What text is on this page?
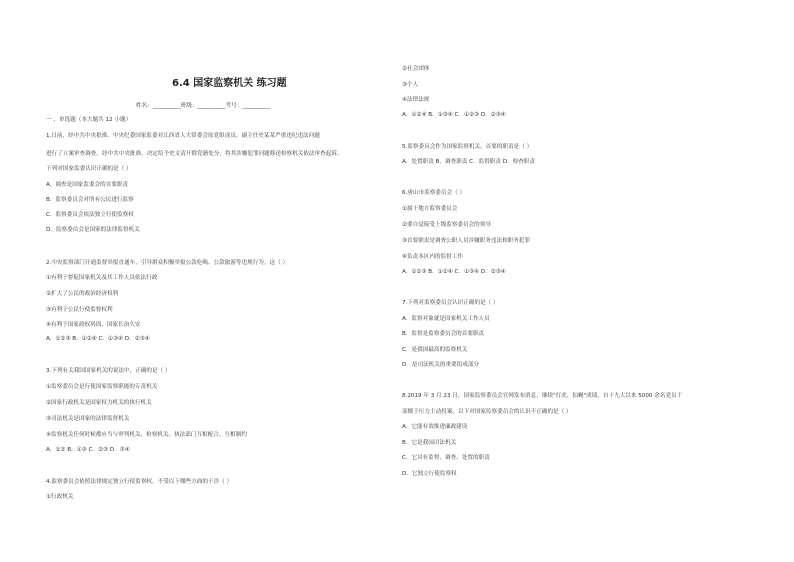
6.4 国家监察机关 练习题
姓名：__________班级：__________考号：__________
一 、单选题（本大题共 12 小题）
1.日前，经中共中央批准，中央纪委国家监委对江西省人大常委会原党组成员、副主任史某某严重违纪违法问题
进行了立案审查调查。经中共中央批准，决定给予史文清开除党籍处分，将其涉嫌犯罪问题移送检察机关依法审查起诉。
下列对国家监委认识正确的是（ ）
A．调查是国家监委会的首要职责
B．监察委员会对所有公民进行监察
C．监察委员会依法独立行使监察权
D．监察委员会是国家的法律监督机关
2.中央监察部门开通监督举报直通车，引导群众积极举报公款吃喝、公款旅游等违规行为。这（ ）
①有利于督促国家机关及其工作人员依法行政
②扩大了公民的政治经济权利
③有利于公民行使监督权利
④有利于国家政权巩固，国家长治久安
A．①②③ B．①②④ C．①③④ D．②③④
3.下列有关我国国家机关的说法中，正确的是（ ）
①监察委员会是行使国家监察职能的专责机关
②国家行政机关是国家权力机关的执行机关
③司法机关是国家的法律监督机关
④监察机关任何时候都应当与审判机关、检察机关、执法部门互相配合、互相制约
A．①② B．①③ C．②③ D．③④
4.监察委员会依照法律规定独立行使监察权，不受以下哪些方面的干涉（ ）
①行政机关
②社会团体
③个人
④法律法规
A．①②④ B．①③④ C．①②③ D．②③④
5.监察委员会作为国家监察机关，首要的职责是（ ）
A．处置职责 B．调查职责 C．监督职责 D．检查职责
6.唐山市监察委员会（ ）
①属于地方监察委员会
②要自觉接受上级监察委员会的领导
③首要职责是调查公职人员涉嫌职务违法和职务犯罪
④负责本区内的监督工作
A．①②③ B．①②④ C．①③④ D．②③④
7.下列对监察委员会认识正确的是（ ）
A．监察对象就是国家机关工作人员
B．监督是监察委员会的首要职责
C．是我国最高的监察机关
D．是司法机关的重要组成部分
8.2019 年 3 月 23 日，国家监察委员会官网发布消息，继续"打虎、拍蝇"成绩，自十九大以来 5000 余名党员干
部慑于压力主动投案。以下对国家监察委员会的认识不正确的是（ ）
A．它能有效推进廉政建设
B．它是我国司法机关
C．它具有监督、调查、处置的职责
D．它独立行使监察权
